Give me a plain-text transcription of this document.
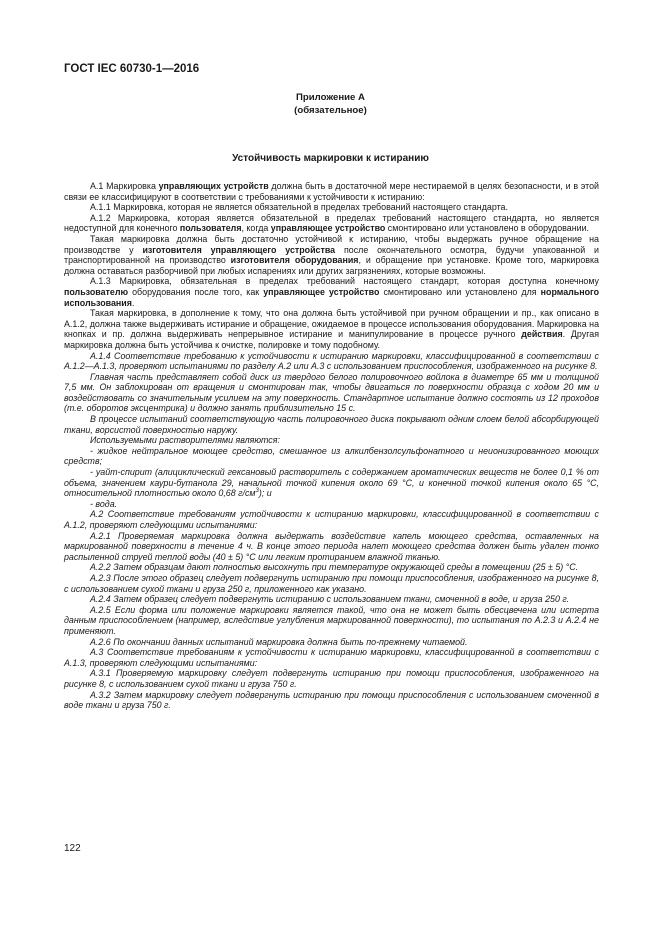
ГОСТ IEC 60730-1—2016
Приложение А
(обязательное)
Устойчивость маркировки к истиранию

А.1 Маркировка управляющих устройств должна быть в достаточной мере нестираемой в целях безопасности, и в этой связи ее классифицируют в соответствии с требованиями к устойчивости к истиранию:

А.1.1 Маркировка, которая не является обязательной в пределах требований настоящего стандарта.

А.1.2 Маркировка, которая является обязательной в пределах требований настоящего стандарта, но является недоступной для конечного пользователя, когда управляющее устройство смонтировано или установлено в оборудовании.

Такая маркировка должна быть достаточно устойчивой к истиранию, чтобы выдержать ручное обращение на производстве у изготовителя управляющего устройства после окончательного осмотра, будучи упакованной и транспортированной на производство изготовителя оборудования, и обращение при установке. Кроме того, маркировка должна оставаться разборчивой при любых испарениях или других загрязнениях, которые возможны.

А.1.3 Маркировка, обязательная в пределах требований настоящего стандарт, которая доступна конечному пользователю оборудования после того, как управляющее устройство смонтировано или установлено для нормального использования.

Такая маркировка, в дополнение к тому, что она должна быть устойчивой при ручном обращении и пр., как описано в А.1.2, должна также выдерживать истирание и обращение, ожидаемое в процессе использования оборудования. Маркировка на кнопках и пр. должна выдерживать непрерывное истирание и манипулирование в процессе ручного действия. Другая маркировка должна быть устойчива к очистке, полировке и тому подобному.

А.1.4 Соответствие требованию к устойчивости к истиранию маркировки, классифицированной в соответствии с А.1.2—А.1.3, проверяют испытаниями по разделу А.2 или А.3 с использованием приспособления, изображенного на рисунке 8.

Главная часть представляет собой диск из твердого белого полировочного войлока в диаметре 65 мм и толщиной 7,5 мм. Он заблокирован от вращения и смонтирован так, чтобы двигаться по поверхности образца с ходом 20 мм и воздействовать со значительным усилием на эту поверхность. Стандартное испытание должно состоять из 12 проходов (т.е. оборотов эксцентрика) и должно занять приблизительно 15 с.

В процессе испытаний соответствующую часть полировочного диска покрывают одним слоем белой абсорбирующей ткани, ворсистой поверхностью наружу.

Используемыми растворителями являются:

- жидкое нейтральное моющее средство, смешанное из алкилбензолсульфонатного и неионизированного моющих средств;

- уайт-спирит (алициклический гексановый растворитель с содержанием ароматических веществ не более 0,1 % от объема, значением каури-бутанола 29, начальной точкой кипения около 69 °С, и конечной точкой кипения около 65 °С, относительной плотностью около 0,68 $г/см^3$); и

- вода.

А.2 Соответствие требованиям устойчивости к истиранию маркировки, классифицированной в соответствии с А.1.2, проверяют следующими испытаниями:

А.2.1 Проверяемая маркировка должна выдержать воздействие капель моющего средства, оставленных на маркированной поверхности в течение 4 ч. В конце этого периода налет моющего средства должен быть удален тонко распыленной струей теплой воды (40 ± 5) °С или легким протиранием влажной тканью.

А.2.2 Затем образцам дают полностью высохнуть при температуре окружающей среды в помещении (25 ± 5) °С.

А.2.3 После этого образец следует подвергнуть истиранию при помощи приспособления, изображенного на рисунке 8, с использованием сухой ткани и груза 250 г, приложенного как указано.

А.2.4 Затем образец следует подвергнуть истиранию с использованием ткани, смоченной в воде, и груза 250 г.

А.2.5 Если форма или положение маркировки является такой, что она не может быть обесцвечена или истерта данным приспособлением (например, вследствие углубления маркированной поверхности), то испытания по А.2.3 и А.2.4 не применяют.

А.2.6 По окончании данных испытаний маркировка должна быть по-прежнему читаемой.

А.3 Соответствие требованиям к устойчивости к истиранию маркировки, классифицированной в соответствии с А.1.3, проверяют следующими испытаниями:

А.3.1 Проверяемую маркировку следует подвергнуть истиранию при помощи приспособления, изображенного на рисунке 8, с использованием сухой ткани и груза 750 г.

А.3.2 Затем маркировку следует подвергнуть истиранию при помощи приспособления с использованием смоченной в воде ткани и груза 750 г.

122
